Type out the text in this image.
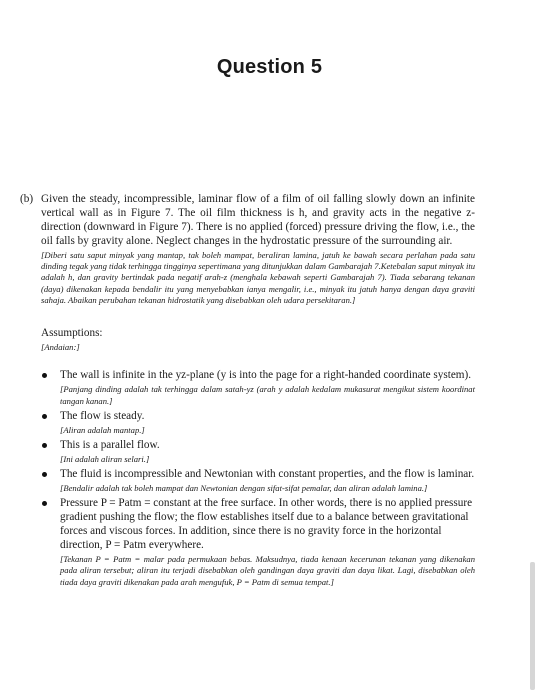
Question 5
(b) Given the steady, incompressible, laminar flow of a film of oil falling slowly down an infinite vertical wall as in Figure 7. The oil film thickness is h, and gravity acts in the negative z-direction (downward in Figure 7). There is no applied (forced) pressure driving the flow, i.e., the oil falls by gravity alone. Neglect changes in the hydrostatic pressure of the surrounding air.

[Diberi satu saput minyak yang mantap, tak boleh mampat, beraliran lamina, jatuh ke bawah secara perlahan pada satu dinding tegak yang tidak terhingga tingginya sepertimana yang ditunjukkan dalam Gambarajah 7.Ketebalan saput minyak itu adalah h, dan gravity bertindak pada negatif arah-z (menghala kebawah seperti Gambarajah 7). Tiada sebarang tekanan (daya) dikenakan kepada bendalir itu yang menyebabkan ianya mengalir, i.e., minyak itu jatuh hanya dengan daya graviti sahaja. Abaikan perubahan tekanan hidrostatik yang disebabkan oleh udara persekitaran.]

Assumptions:

[Andaian:]

The wall is infinite in the yz-plane (y is into the page for a right-handed coordinate system).

[Panjang dinding adalah tak terhingga dalam satah-yz (arah y adalah kedalam mukasurat mengikut sistem koordinat tangan kanan.]

The flow is steady.

[Aliran adalah mantap.]

This is a parallel flow.

[Ini adalah aliran selari.]

The fluid is incompressible and Newtonian with constant properties, and the flow is laminar.

[Bendalir adalah tak boleh mampat dan Newtonian dengan sifat-sifat pemalar, dan aliran adalah lamina.]

Pressure P = Patm = constant at the free surface. In other words, there is no applied pressure gradient pushing the flow; the flow establishes itself due to a balance between gravitational forces and viscous forces. In addition, since there is no gravity force in the horizontal direction, P = Patm everywhere.

[Tekanan P = Patm = malar pada permukaan bebas. Maksudnya, tiada kenaan kecerunan tekanan yang dikenakan pada aliran tersebut; aliran itu terjadi disebabkan oleh gandingan daya graviti dan daya likat. Lagi, disebabkan oleh tiada daya graviti dikenakan pada arah mengufuk, P = Patm di semua tempat.]
